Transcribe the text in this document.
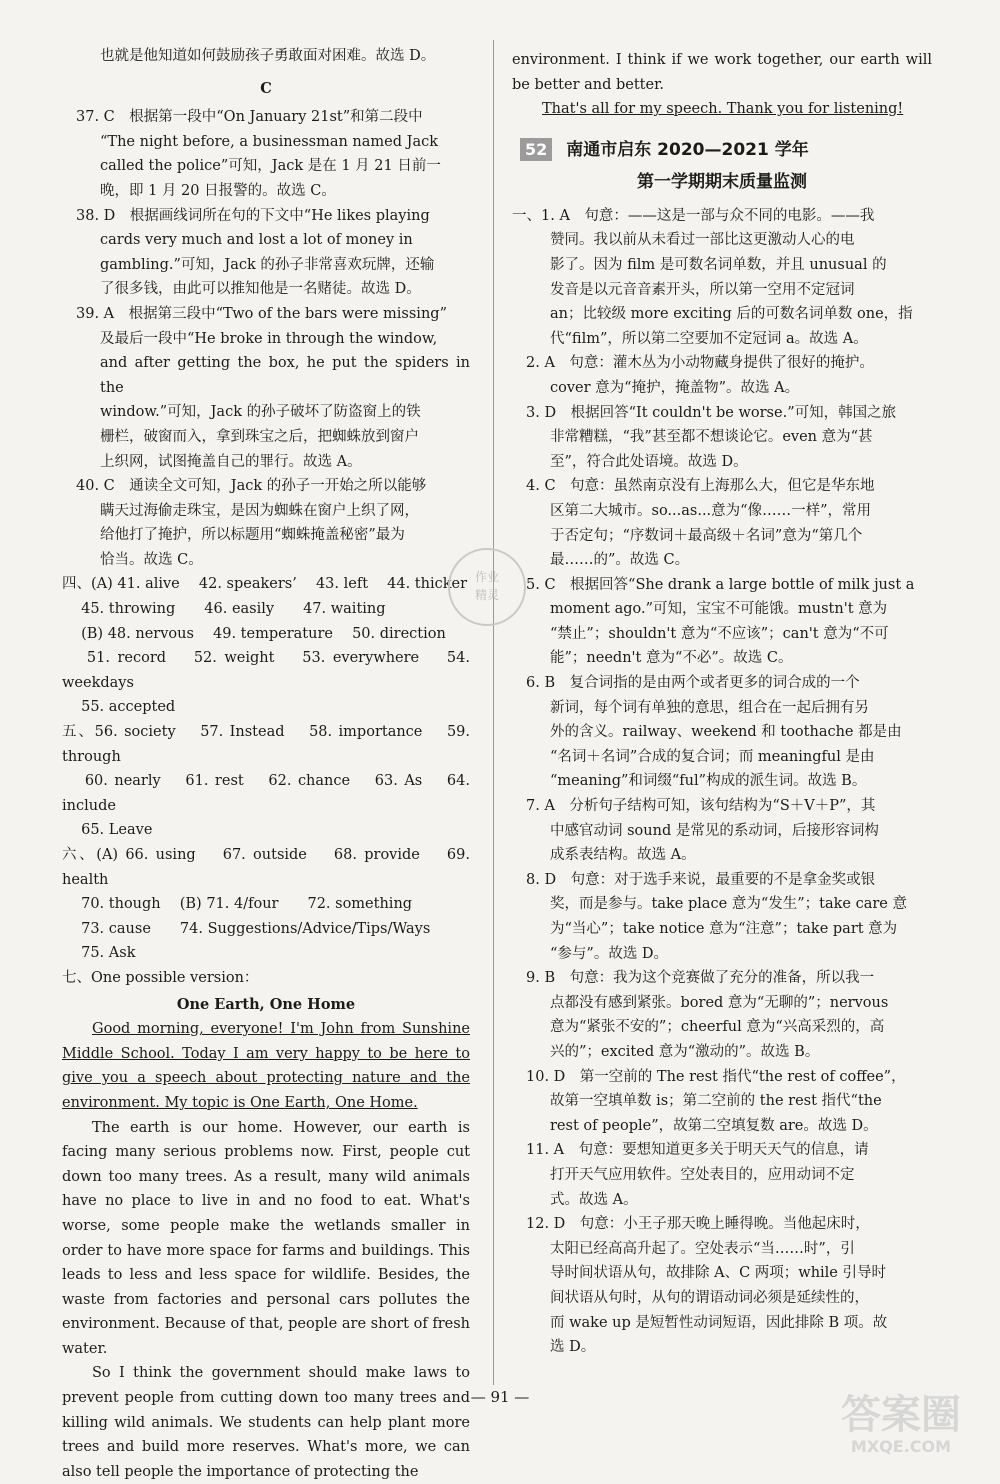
也就是他知道如何鼓励孩子勇敢面对困难。故选 D。

C

37. C　根据第一段中“On January 21st”和第二段中

“The night before, a businessman named Jack

called the police”可知，Jack 是在 1 月 21 日前一

晚，即 1 月 20 日报警的。故选 C。

38. D　根据画线词所在句的下文中“He likes playing

cards very much and lost a lot of money in

gambling.”可知，Jack 的孙子非常喜欢玩牌，还输

了很多钱，由此可以推知他是一名赌徒。故选 D。

39. A　根据第三段中“Two of the bars were missing”

及最后一段中“He broke in through the window,

and after getting the box, he put the spiders in the

window.”可知，Jack 的孙子破坏了防盗窗上的铁

栅栏，破窗而入，拿到珠宝之后，把蜘蛛放到窗户

上织网，试图掩盖自己的罪行。故选 A。

40. C　通读全文可知，Jack 的孙子一开始之所以能够

瞒天过海偷走珠宝，是因为蜘蛛在窗户上织了网，

给他打了掩护，所以标题用“蜘蛛掩盖秘密”最为

恰当。故选 C。

四、(A) 41. alive　 42. speakers’　 43. left　 44. thicker

　 45. throwing　　46. easily　　47. waiting

　 (B) 48. nervous　 49. temperature　 50. direction

　 51. record　 52. weight　 53. everywhere　 54. weekdays

　 55. accepted

五、56. society　 57. Instead　 58. importance　 59. through

　 60. nearly　 61. rest　 62. chance　 63. As　 64. include

　 65. Leave

六、(A) 66. using　 67. outside　 68. provide　 69. health

　 70. though　 (B) 71. 4/four　　72. something

　 73. cause　　74. Suggestions/Advice/Tips/Ways

　 75. Ask

七、One possible version：

One Earth, One Home

Good morning, everyone! I'm John from Sunshine Middle School. Today I am very happy to be here to give you a speech about protecting nature and the environment. My topic is One Earth, One Home.

The earth is our home. However, our earth is facing many serious problems now. First, people cut down too many trees. As a result, many wild animals have no place to live in and no food to eat. What's worse, some people make the wetlands smaller in order to have more space for farms and buildings. This leads to less and less space for wildlife. Besides, the waste from factories and personal cars pollutes the environment. Because of that, people are short of fresh water.

So I think the government should make laws to prevent people from cutting down too many trees and killing wild animals. We students can help plant more trees and build more reserves. What's more, we can also tell people the importance of protecting the

environment. I think if we work together, our earth will be better and better.

That's all for my speech. Thank you for listening!

52 南通市启东 2020—2021 学年

第一学期期末质量监测

一、1. A　句意：——这是一部与众不同的电影。——我

赞同。我以前从未看过一部比这更激动人心的电

影了。因为 film 是可数名词单数，并且 unusual 的

发音是以元音音素开头，所以第一空用不定冠词

an；比较级 more exciting 后的可数名词单数 one，指

代“film”，所以第二空要加不定冠词 a。故选 A。

2. A　句意：灌木丛为小动物藏身提供了很好的掩护。

cover 意为“掩护，掩盖物”。故选 A。

3. D　根据回答“It couldn't be worse.”可知，韩国之旅

非常糟糕，“我”甚至都不想谈论它。even 意为“甚

至”，符合此处语境。故选 D。

4. C　句意：虽然南京没有上海那么大，但它是华东地

区第二大城市。so...as...意为“像……一样”，常用

于否定句；“序数词＋最高级＋名词”意为“第几个

最……的”。故选 C。

5. C　根据回答“She drank a large bottle of milk just a

moment ago.”可知，宝宝不可能饿。mustn't 意为

“禁止”；shouldn't 意为“不应该”；can't 意为“不可

能”；needn't 意为“不必”。故选 C。

6. B　复合词指的是由两个或者更多的词合成的一个

新词，每个词有单独的意思，组合在一起后拥有另

外的含义。railway、weekend 和 toothache 都是由

“名词＋名词”合成的复合词；而 meaningful 是由

“meaning”和词缀“ful”构成的派生词。故选 B。

7. A　分析句子结构可知，该句结构为“S＋V＋P”，其

中感官动词 sound 是常见的系动词，后接形容词构

成系表结构。故选 A。

8. D　句意：对于选手来说，最重要的不是拿金奖或银

奖，而是参与。take place 意为“发生”；take care 意

为“当心”；take notice 意为“注意”；take part 意为

“参与”。故选 D。

9. B　句意：我为这个竞赛做了充分的准备，所以我一

点都没有感到紧张。bored 意为“无聊的”；nervous

意为“紧张不安的”；cheerful 意为“兴高采烈的，高

兴的”；excited 意为“激动的”。故选 B。

10. D　第一空前的 The rest 指代“the rest of coffee”，

故第一空填单数 is；第二空前的 the rest 指代“the

rest of people”，故第二空填复数 are。故选 D。

11. A　句意：要想知道更多关于明天天气的信息，请

打开天气应用软件。空处表目的，应用动词不定

式。故选 A。

12. D　句意：小王子那天晚上睡得晚。当他起床时，

太阳已经高高升起了。空处表示“当……时”，引

导时间状语从句，故排除 A、C 两项；while 引导时

间状语从句时，从句的谓语动词必须是延续性的，

而 wake up 是短暂性动词短语，因此排除 B 项。故

选 D。

作业
精灵
— 91 —	答案圈
MXQE.COM
